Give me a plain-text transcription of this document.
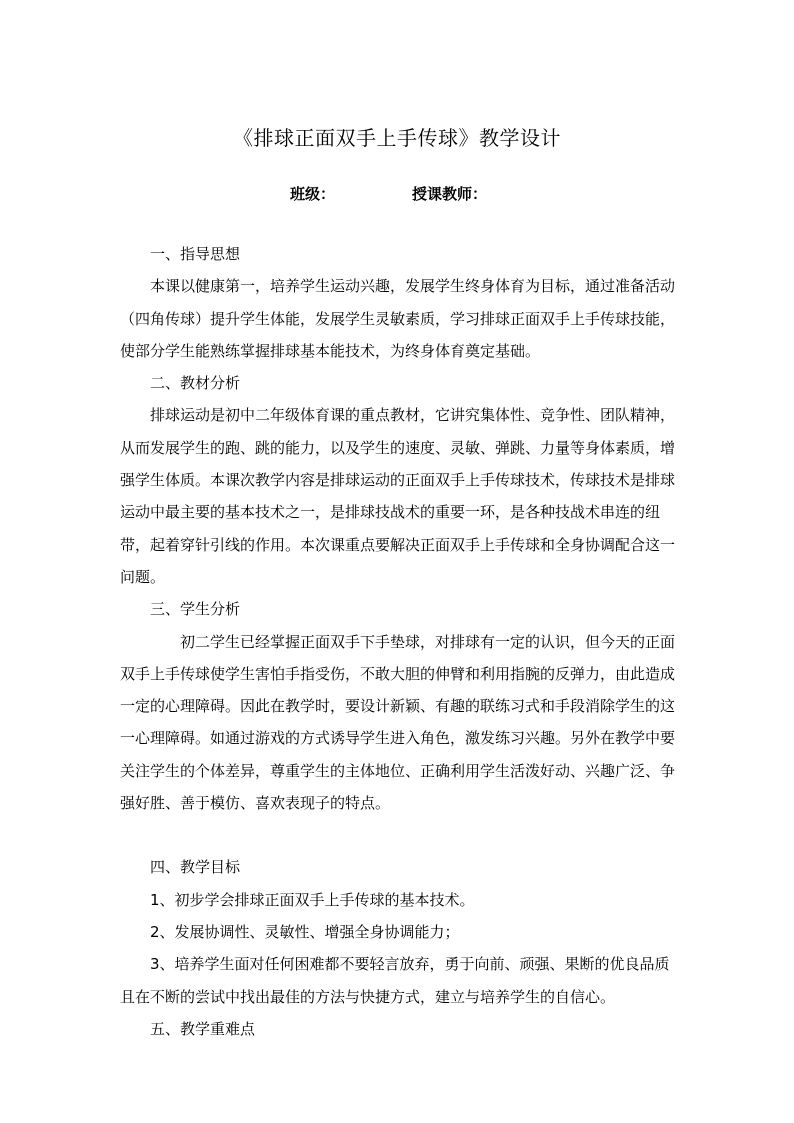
《排球正面双手上手传球》教学设计
班级：	授课教师：

一、指导思想

本课以健康第一，培养学生运动兴趣，发展学生终身体育为目标，通过准备活动（四角传球）提升学生体能，发展学生灵敏素质，学习排球正面双手上手传球技能，使部分学生能熟练掌握排球基本能技术，为终身体育奠定基础。

二、教材分析

排球运动是初中二年级体育课的重点教材，它讲究集体性、竞争性、团队精神，从而发展学生的跑、跳的能力，以及学生的速度、灵敏、弹跳、力量等身体素质，增强学生体质。本课次教学内容是排球运动的正面双手上手传球技术，传球技术是排球运动中最主要的基本技术之一，是排球技战术的重要一环，是各种技战术串连的纽带，起着穿针引线的作用。本次课重点要解决正面双手上手传球和全身协调配合这一问题。

三、学生分析

初二学生已经掌握正面双手下手垫球，对排球有一定的认识，但今天的正面双手上手传球使学生害怕手指受伤，不敢大胆的伸臂和利用指腕的反弹力，由此造成一定的心理障碍。因此在教学时，要设计新颖、有趣的联练习式和手段消除学生的这一心理障碍。如通过游戏的方式诱导学生进入角色，激发练习兴趣。另外在教学中要关注学生的个体差异，尊重学生的主体地位、正确利用学生活泼好动、兴趣广泛、争强好胜、善于模仿、喜欢表现子的特点。

四、教学目标

1、初步学会排球正面双手上手传球的基本技术。

2、发展协调性、灵敏性、增强全身协调能力；

3、培养学生面对任何困难都不要轻言放弃，勇于向前、顽强、果断的优良品质 且在不断的尝试中找出最佳的方法与快捷方式，建立与培养学生的自信心。

五、教学重难点
